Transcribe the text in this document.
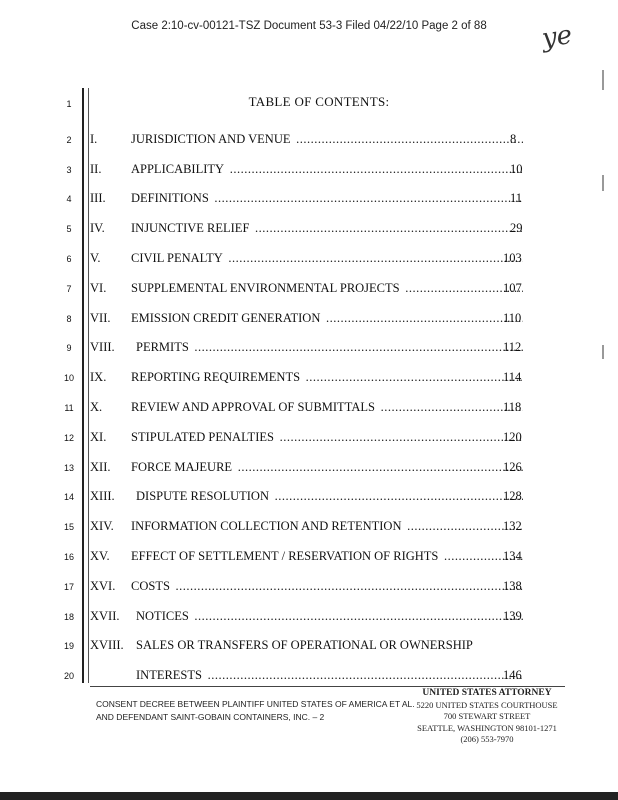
Case 2:10-cv-00121-TSZ Document 53-3 Filed 04/22/10 Page 2 of 88	ye
TABLE OF CONTENTS:
1
2	I.	JURISDICTION AND VENUE .....	8
3	II. APPLICABILITY .....	10
4	III. DEFINITIONS .....	11
5	IV. INJUNCTIVE RELIEF .....	29
6	V. CIVIL PENALTY .....	103
7	VI. SUPPLEMENTAL ENVIRONMENTAL PROJECTS .....	107
8	VII. EMISSION CREDIT GENERATION .....	110
9	VIII. PERMITS .....	112
10	IX. REPORTING REQUIREMENTS .....	114
11	X. REVIEW AND APPROVAL OF SUBMITTALS .....	118
12	XI. STIPULATED PENALTIES .....	120
13	XII. FORCE MAJEURE .....	126
14	XIII. DISPUTE RESOLUTION .....	128
15	XIV. INFORMATION COLLECTION AND RETENTION .....	132
16	XV. EFFECT OF SETTLEMENT / RESERVATION OF RIGHTS .....	134
17	XVI. COSTS .....	138
18	XVII. NOTICES .....	139
19	XVIII. SALES OR TRANSFERS OF OPERATIONAL OR OWNERSHIP
20	INTERESTS .....	146
CONSENT DECREE BETWEEN PLAINTIFF UNITED STATES OF AMERICA ET AL.
AND DEFENDANT SAINT-GOBAIN CONTAINERS, INC. – 2
UNITED STATES ATTORNEY
5220 UNITED STATES COURTHOUSE
700 STEWART STREET
SEATTLE, WASHINGTON 98101-1271
(206) 553-7970
